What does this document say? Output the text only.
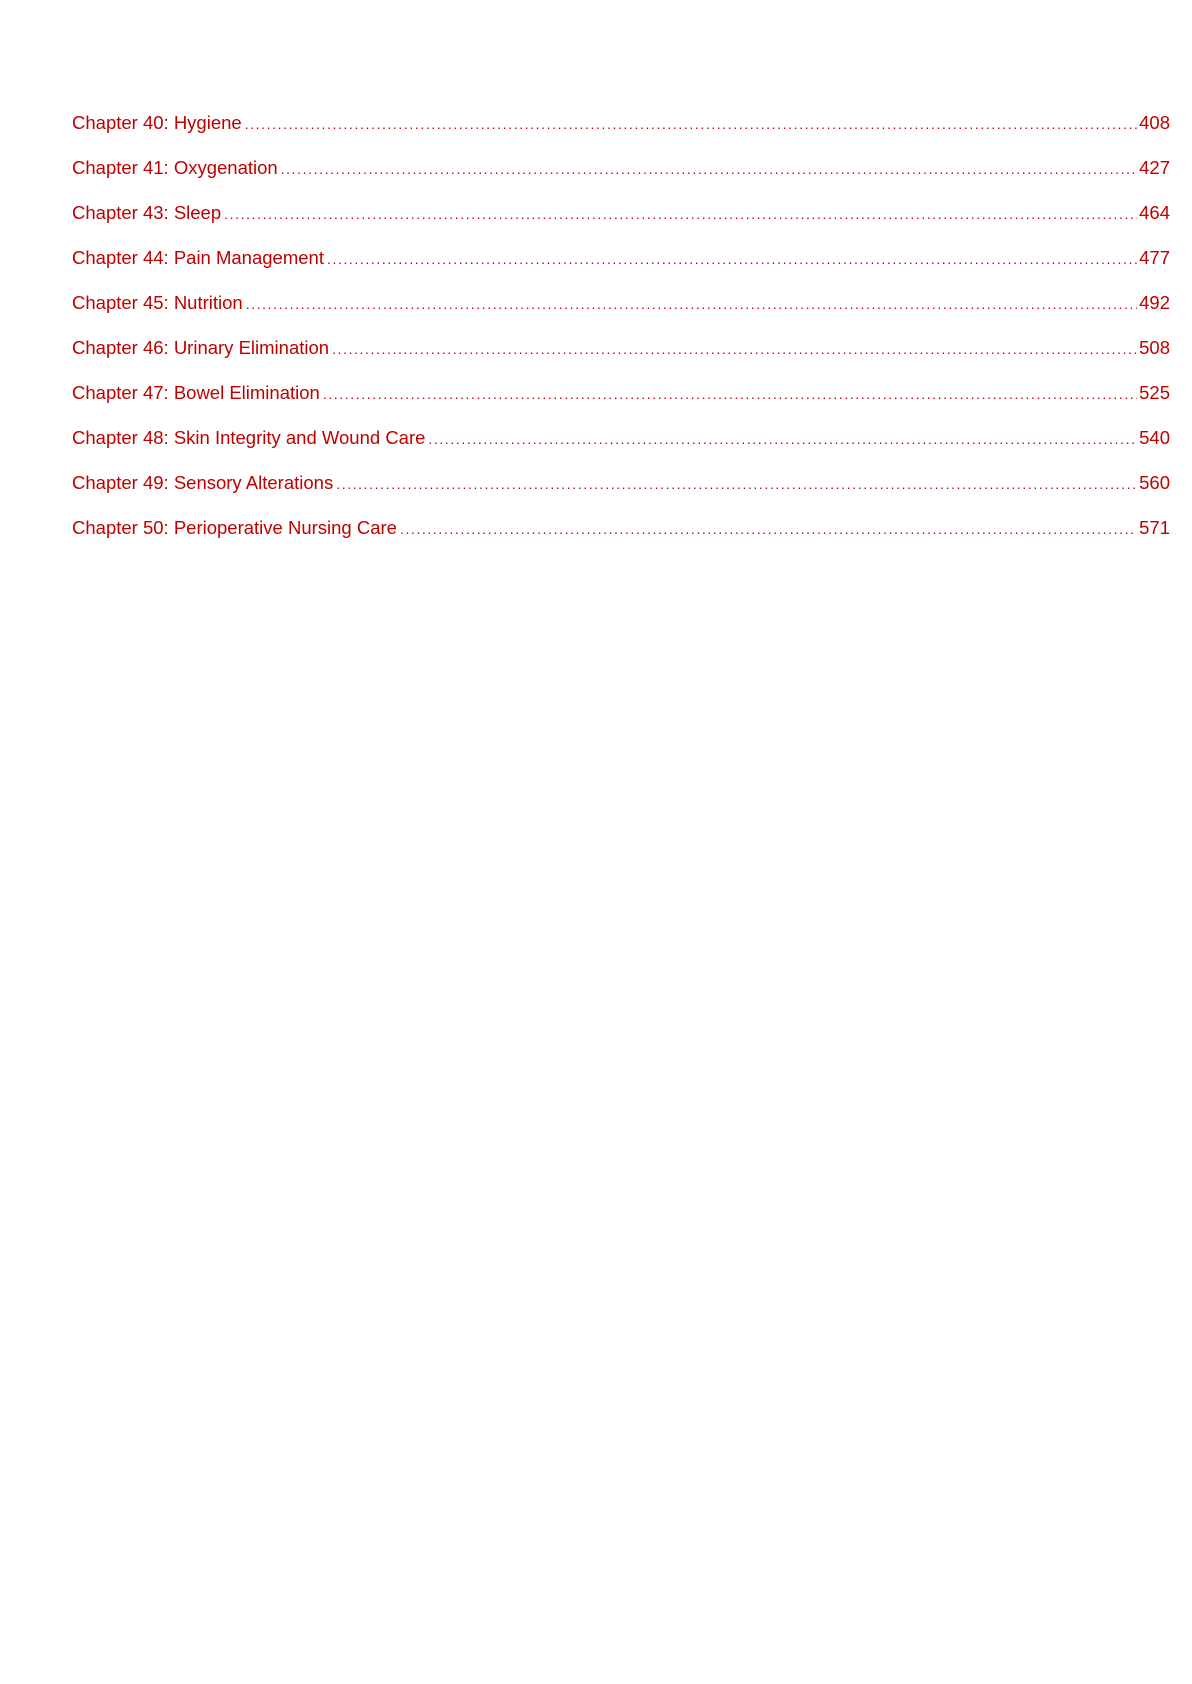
Chapter 40: Hygiene .....	408
Chapter 41: Oxygenation .....	427
Chapter 43: Sleep .....	464
Chapter 44: Pain Management .....	477
Chapter 45: Nutrition .....	492
Chapter 46: Urinary Elimination .....	508
Chapter 47: Bowel Elimination .....	525
Chapter 48: Skin Integrity and Wound Care .....	540
Chapter 49: Sensory Alterations .....	560
Chapter 50: Perioperative Nursing Care .....	571
